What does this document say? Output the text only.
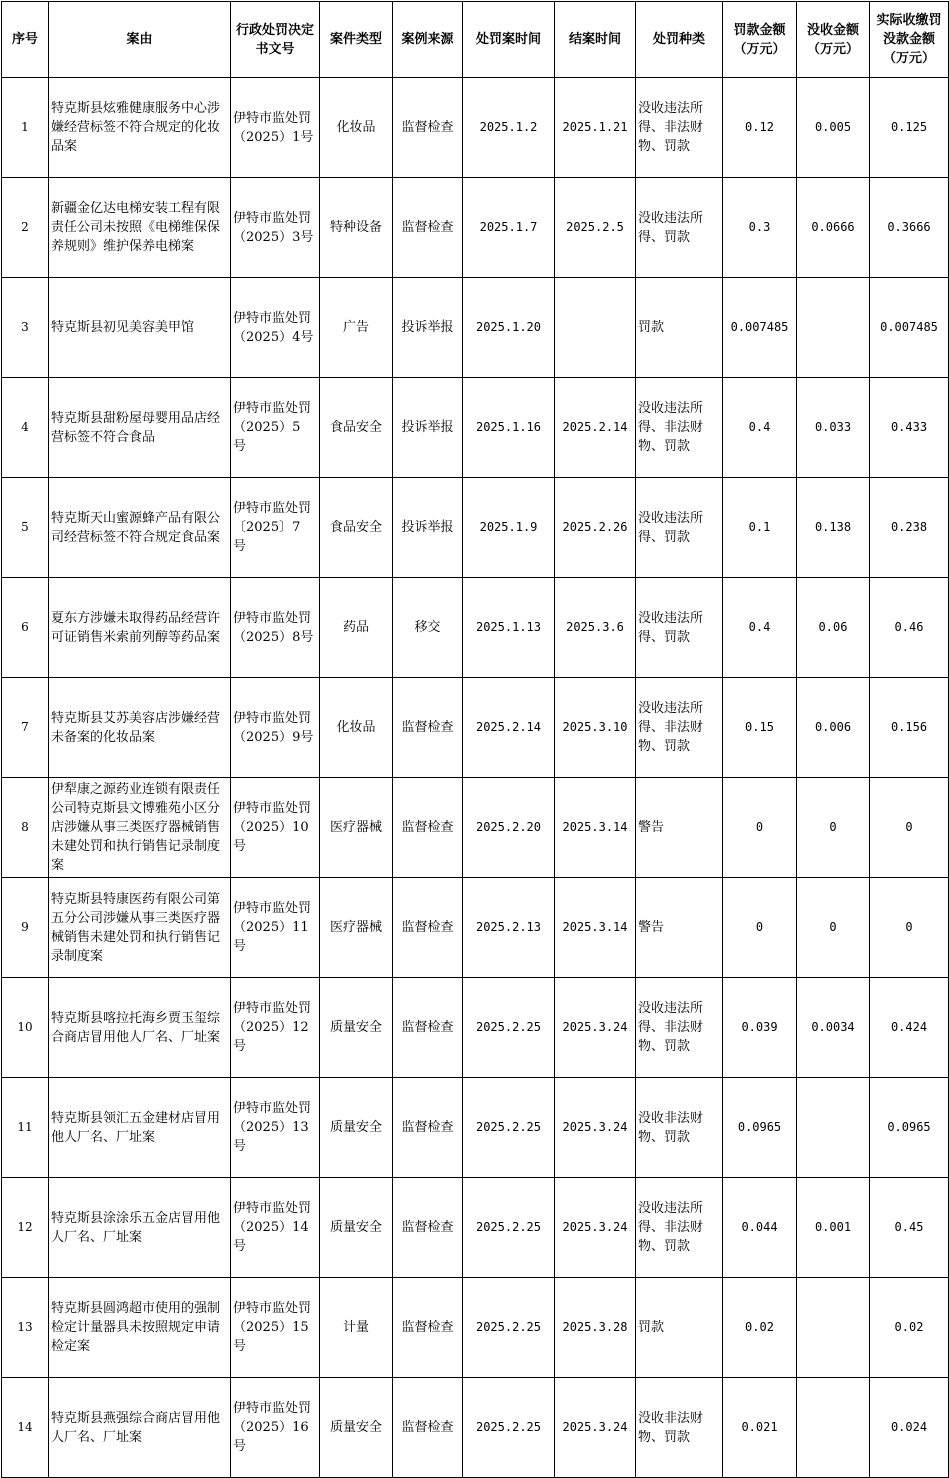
序号	案由	行政处罚决定书文号	案件类型	案例来源	处罚案时间	结案时间	处罚种类	罚款金额（万元）	没收金额（万元）	实际收缴罚没款金额（万元）
1	特克斯县炫雅健康服务中心涉嫌经营标签不符合规定的化妆品案	伊特市监处罚（2025）1号	化妆品	监督检查	2025.1.2	2025.1.21	没收违法所得、非法财物、罚款	0.12	0.005	0.125
2	新疆金亿达电梯安装工程有限责任公司未按照《电梯维保保养规则》维护保养电梯案	伊特市监处罚（2025）3号	特种设备	监督检查	2025.1.7	2025.2.5	没收违法所得、罚款	0.3	0.0666	0.3666
3	特克斯县初见美容美甲馆	伊特市监处罚（2025）4号	广告	投诉举报	2025.1.20		罚款	0.007485		0.007485
4	特克斯县甜粉屋母婴用品店经营标签不符合食品	伊特市监处罚（2025）5 号	食品安全	投诉举报	2025.1.16	2025.2.14	没收违法所得、非法财物、罚款	0.4	0.033	0.433
5	特克斯天山蜜源蜂产品有限公司经营标签不符合规定食品案	伊特市监处罚〔2025〕7 号	食品安全	投诉举报	2025.1.9	2025.2.26	没收违法所得、罚款	0.1	0.138	0.238
6	夏东方涉嫌未取得药品经营许可证销售米索前列醇等药品案	伊特市监处罚（2025）8号	药品	移交	2025.1.13	2025.3.6	没收违法所得、罚款	0.4	0.06	0.46
7	特克斯县艾苏美容店涉嫌经营未备案的化妆品案	伊特市监处罚（2025）9号	化妆品	监督检查	2025.2.14	2025.3.10	没收违法所得、非法财物、罚款	0.15	0.006	0.156
8	伊犁康之源药业连锁有限责任公司特克斯县文博雅苑小区分店涉嫌从事三类医疗器械销售未建处罚和执行销售记录制度案	伊特市监处罚（2025）10号	医疗器械	监督检查	2025.2.20	2025.3.14	警告	0	0	0
9	特克斯县特康医药有限公司第五分公司涉嫌从事三类医疗器械销售未建处罚和执行销售记录制度案	伊特市监处罚（2025）11号	医疗器械	监督检查	2025.2.13	2025.3.14	警告	0	0	0
10	特克斯县喀拉托海乡贾玉玺综合商店冒用他人厂名、厂址案	伊特市监处罚（2025）12号	质量安全	监督检查	2025.2.25	2025.3.24	没收违法所得、非法财物、罚款	0.039	0.0034	0.424
11	特克斯县领汇五金建材店冒用他人厂名、厂址案	伊特市监处罚（2025）13号	质量安全	监督检查	2025.2.25	2025.3.24	没收非法财物、罚款	0.0965		0.0965
12	特克斯县涂涂乐五金店冒用他人厂名、厂址案	伊特市监处罚（2025）14号	质量安全	监督检查	2025.2.25	2025.3.24	没收违法所得、非法财物、罚款	0.044	0.001	0.45
13	特克斯县圆鸿超市使用的强制检定计量器具未按照规定申请检定案	伊特市监处罚（2025）15号	计量	监督检查	2025.2.25	2025.3.28	罚款	0.02		0.02
14	特克斯县燕强综合商店冒用他人厂名、厂址案	伊特市监处罚（2025）16号	质量安全	监督检查	2025.2.25	2025.3.24	没收非法财物、罚款	0.021		0.024
